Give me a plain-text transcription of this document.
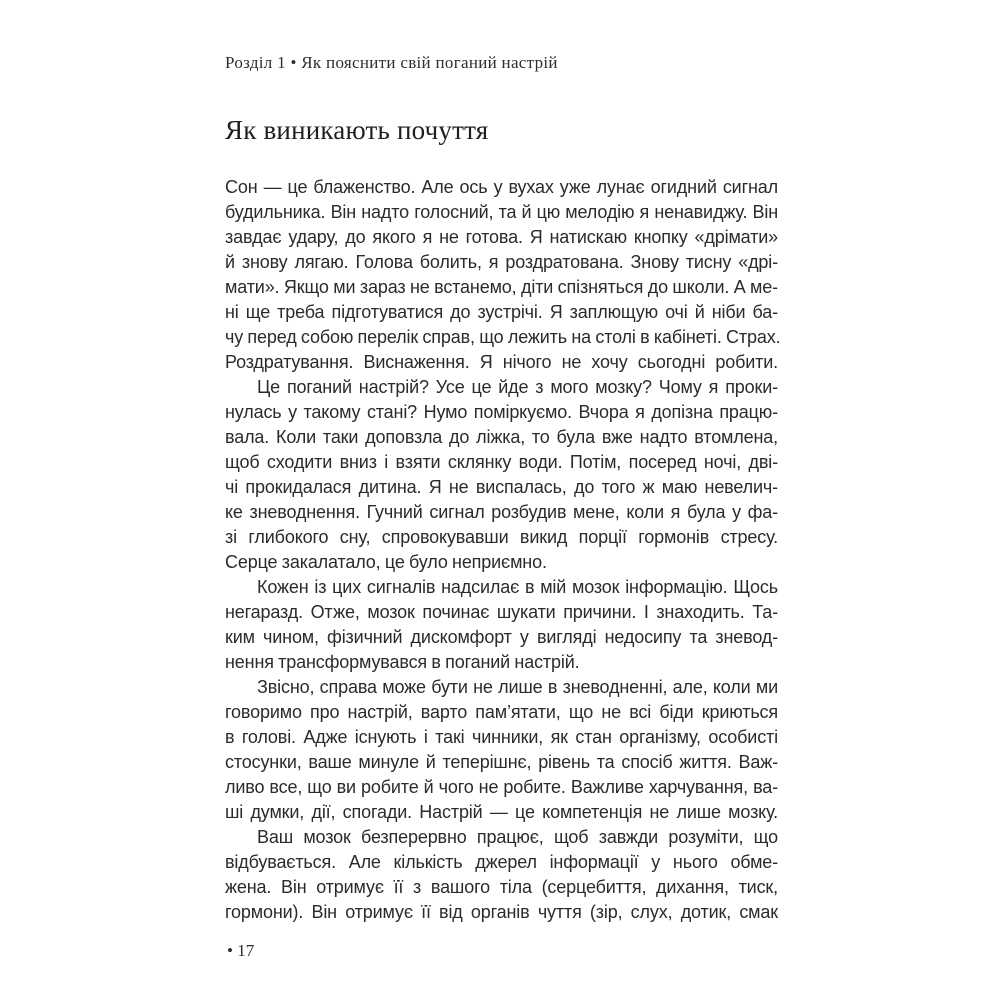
Розділ 1 • Як пояснити свій поганий настрій
Як виникають почуття
Сон — це блаженство. Але ось у вухах уже лунає огидний сигнал
будильника. Він надто голосний, та й цю мелодію я ненавиджу. Він
завдає удару, до якого я не готова. Я натискаю кнопку «дрімати»
й знову лягаю. Голова болить, я роздратована. Знову тисну «дрі-
мати». Якщо ми зараз не встанемо, діти спізняться до школи. А ме-
ні ще треба підготуватися до зустрічі. Я заплющую очі й ніби ба-
чу перед собою перелік справ, що лежить на столі в кабінеті. Страх.
Роздратування. Виснаження. Я нічого не хочу сьогодні робити.
Це поганий настрій? Усе це йде з мого мозку? Чому я проки-
нулась у такому стані? Нумо поміркуємо. Вчора я допізна працю-
вала. Коли таки доповзла до ліжка, то була вже надто втомлена,
щоб сходити вниз і взяти склянку води. Потім, посеред ночі, дві-
чі прокидалася дитина. Я не виспалась, до того ж маю невелич-
ке зневоднення. Гучний сигнал розбудив мене, коли я була у фа-
зі глибокого сну, спровокувавши викид порції гормонів стресу.
Серце закалатало, це було неприємно.
Кожен із цих сигналів надсилає в мій мозок інформацію. Щось
негаразд. Отже, мозок починає шукати причини. І знаходить. Та-
ким чином, фізичний дискомфорт у вигляді недосипу та зневод-
нення трансформувався в поганий настрій.
Звісно, справа може бути не лише в зневодненні, але, коли ми
говоримо про настрій, варто пам’ятати, що не всі біди криються
в голові. Адже існують і такі чинники, як стан організму, особисті
стосунки, ваше минуле й теперішнє, рівень та спосіб життя. Важ-
ливо все, що ви робите й чого не робите. Важливе харчування, ва-
ші думки, дії, спогади. Настрій — це компетенція не лише мозку.
Ваш мозок безперервно працює, щоб завжди розуміти, що
відбувається. Але кількість джерел інформації у нього обме-
жена. Він отримує її з вашого тіла (серцебиття, дихання, тиск,
гормони). Він отримує її від органів чуття (зір, слух, дотик, смак
• 17
